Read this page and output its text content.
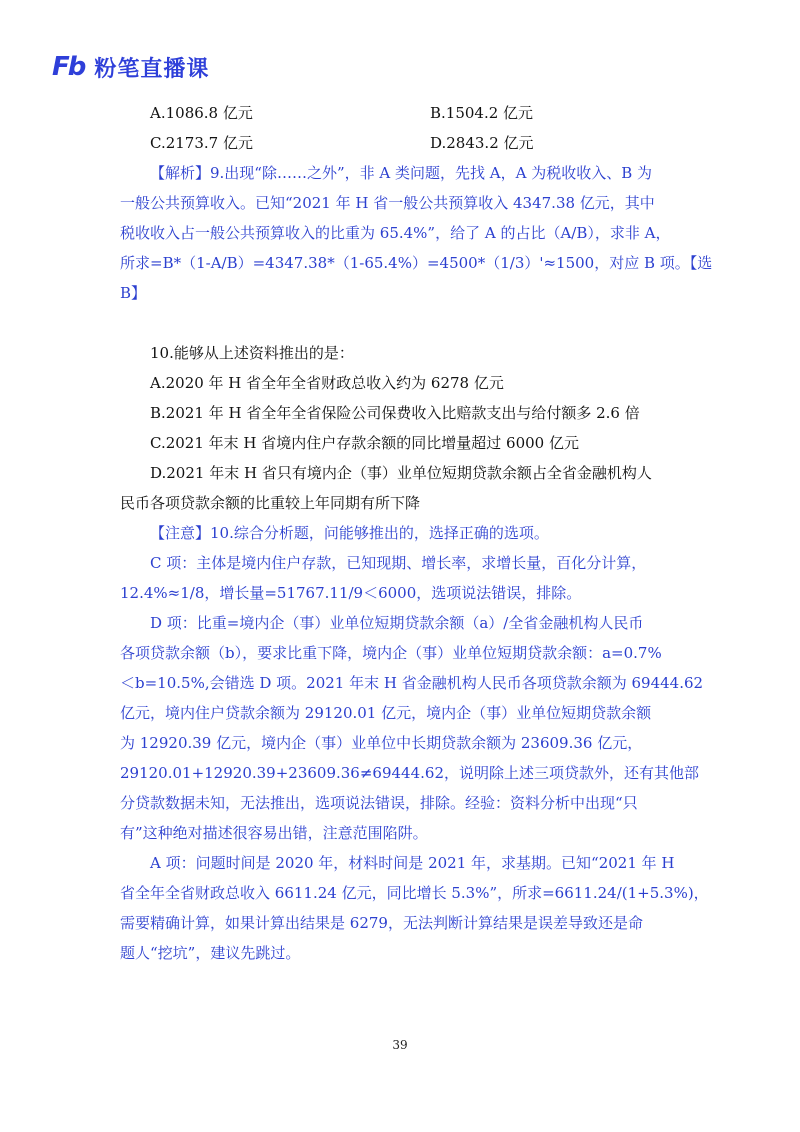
Fb 粉笔直播课
A.1086.8 亿元	B.1504.2 亿元
C.2173.7 亿元	D.2843.2 亿元
【解析】9.出现“除……之外”，非 A 类问题，先找 A，A 为税收收入、B 为
一般公共预算收入。已知“2021 年 H 省一般公共预算收入 4347.38 亿元，其中
税收收入占一般公共预算收入的比重为 65.4%”，给了 A 的占比（A/B），求非 A，
所求=B*（1-A/B）=4347.38*（1-65.4%）=4500*（1/3）'≈1500，对应 B 项。【选
B】
10.能够从上述资料推出的是：
A.2020 年 H 省全年全省财政总收入约为 6278 亿元
B.2021 年 H 省全年全省保险公司保费收入比赔款支出与给付额多 2.6 倍
C.2021 年末 H 省境内住户存款余额的同比增量超过 6000 亿元
D.2021 年末 H 省只有境内企（事）业单位短期贷款余额占全省金融机构人
民币各项贷款余额的比重较上年同期有所下降
【注意】10.综合分析题，问能够推出的，选择正确的选项。
C 项：主体是境内住户存款，已知现期、增长率，求增长量，百化分计算，
12.4%≈1/8，增长量=51767.11/9＜6000，选项说法错误，排除。
D 项：比重=境内企（事）业单位短期贷款余额（a）/全省金融机构人民币
各项贷款余额（b），要求比重下降，境内企（事）业单位短期贷款余额：a=0.7%
＜b=10.5%,会错选 D 项。2021 年末 H 省金融机构人民币各项贷款余额为 69444.62
亿元，境内住户贷款余额为 29120.01 亿元，境内企（事）业单位短期贷款余额
为 12920.39 亿元，境内企（事）业单位中长期贷款余额为 23609.36 亿元，
29120.01+12920.39+23609.36≠69444.62，说明除上述三项贷款外，还有其他部
分贷款数据未知，无法推出，选项说法错误，排除。经验：资料分析中出现“只
有”这种绝对描述很容易出错，注意范围陷阱。
A 项：问题时间是 2020 年，材料时间是 2021 年，求基期。已知“2021 年 H
省全年全省财政总收入 6611.24 亿元，同比增长 5.3%”，所求=6611.24/(1+5.3%)，
需要精确计算，如果计算出结果是 6279，无法判断计算结果是误差导致还是命
题人“挖坑”，建议先跳过。
39
